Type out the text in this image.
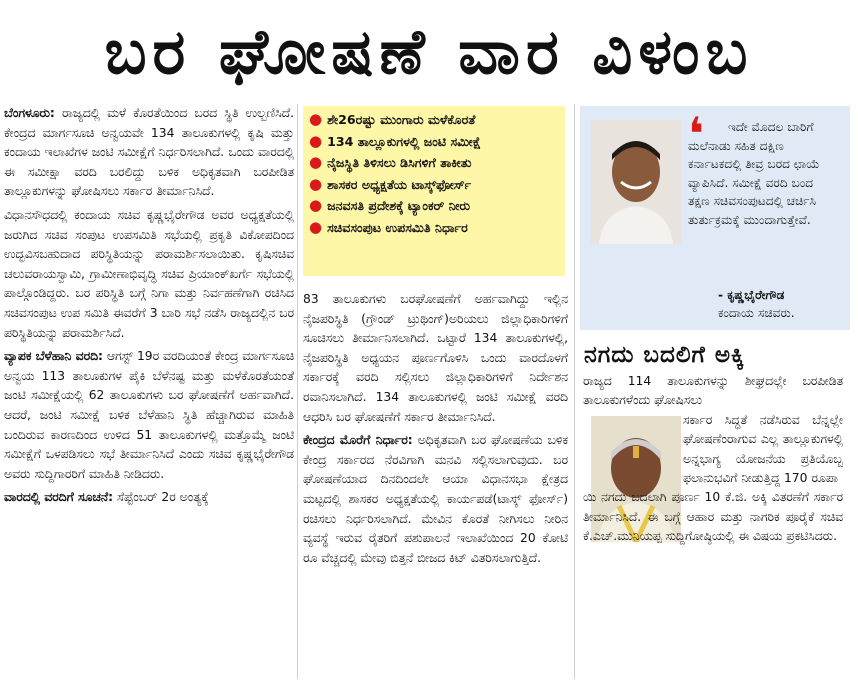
ಬರ ಘೋಷಣೆ ವಾರ ವಿಳಂಬ

ಬೆಂಗಳೂರು: ರಾಜ್ಯದಲ್ಲಿ ಮಳೆ ಕೊರತೆಯಿಂದ ಬರದ ಸ್ಥಿತಿ ಉಲ್ಬಣಿಸಿದೆ. ಕೇಂದ್ರದ ಮಾರ್ಗಸೂಚಿ ಅನ್ವಯವೇ 134 ತಾಲೂಕುಗಳಲ್ಲಿ ಕೃಷಿ ಮತ್ತು ಕಂದಾಯ ಇಲಾಖೆಗಳ ಜಂಟಿ ಸಮೀಕ್ಷೆಗೆ ನಿರ್ಧರಿಸಲಾಗಿದೆ. ಒಂದು ವಾರದಲ್ಲಿ ಈ ಸಮೀಕ್ಷಾ ವರದಿ ಬರಲಿದ್ದು ಬಳಿಕ ಅಧಿಕೃತವಾಗಿ ಬರಪೀಡಿತ ತಾಲ್ಲೂಕುಗಳನ್ನು ಘೋಷಿಸಲು ಸರ್ಕಾರ ತೀರ್ಮಾನಿಸಿದೆ.

ವಿಧಾನಸೌಧದಲ್ಲಿ ಕಂದಾಯ ಸಚಿವ ಕೃಷ್ಣಭೈರೇಗೌಡ ಅವರ ಅಧ್ಯಕ್ಷತೆಯಲ್ಲಿ ಜರುಗಿದ ಸಚಿವ ಸಂಪುಟ ಉಪಸಮಿತಿ ಸಭೆಯಲ್ಲಿ ಪ್ರಕೃತಿ ವಿಕೋಪದಿಂದ ಉದ್ಭವಿಸಬಹುದಾದ ಪರಿಸ್ಥಿತಿಯನ್ನು ಪರಾಮರ್ಶಿಸಲಾಯಿತು. ಕೃಷಿಸಚಿವ ಚಲುವರಾಯಸ್ವಾಮಿ, ಗ್ರಾಮೀಣಾಭಿವೃದ್ಧಿ ಸಚಿವ ಪ್ರಿಯಾಂಕ್‌ಖರ್ಗೆ ಸಭೆಯಲ್ಲಿ ಪಾಲ್ಗೊಂಡಿದ್ದರು. ಬರ ಪರಿಸ್ಥಿತಿ ಬಗ್ಗೆ ನಿಗಾ ಮತ್ತು ನಿರ್ವಹಣೆಗಾಗಿ ರಚಿಸಿದ ಸಚಿವಸಂಪುಟ ಉಪ ಸಮಿತಿ ಈವರೆಗೆ 3 ಬಾರಿ ಸಭೆ ನಡೆಸಿ ರಾಜ್ಯದಲ್ಲಿನ ಬರ ಪರಿಸ್ಥಿತಿಯನ್ನು ಪರಾಮರ್ಶಿಸಿದೆ.

ವ್ಯಾಪಕ ಬೆಳೆಹಾನಿ ವರದಿ: ಆಗಸ್ಟ್ 19ರ ವರದಿಯಂತೆ ಕೇಂದ್ರ ಮಾರ್ಗಸೂಚಿ ಅನ್ವಯ 113 ತಾಲೂಕುಗಳ ಪೈಕಿ ಬೆಳೆನಷ್ಟ ಮತ್ತು ಮಳೆಕೊರತೆಯಂತೆ ಜಂಟಿ ಸಮೀಕ್ಷೆಯಲ್ಲಿ 62 ತಾಲೂಕುಗಳು ಬರ ಘೋಷಣೆಗೆ ಅರ್ಹವಾಗಿದೆ. ಆದರೆ, ಜಂಟಿ ಸಮೀಕ್ಷೆ ಬಳಿಕ ಬೆಳೆಹಾನಿ ಸ್ಥಿತಿ ಹೆಚ್ಚಾಗಿರುವ ಮಾಹಿತಿ ಬಂದಿರುವ ಕಾರಣದಿಂದ ಉಳಿದ 51 ತಾಲೂಕುಗಳಲ್ಲಿ ಮತ್ತೊಮ್ಮೆ ಜಂಟಿ ಸಮೀಕ್ಷೆಗೆ ಒಳಪಡಿಸಲು ಸಭೆ ತೀರ್ಮಾನಿಸಿದೆ ಎಂದು ಸಚಿವ ಕೃಷ್ಣಭೈರೇಗೌಡ ಅವರು ಸುದ್ದಿಗಾರರಿಗೆ ಮಾಹಿತಿ ನೀಡಿದರು.

ವಾರದಲ್ಲಿ ವರದಿಗೆ ಸೂಚನೆ: ಸೆಪ್ಟೆಂಬರ್ 2ರ ಅಂತ್ಯಕ್ಕೆ

● ಶೇ26ರಷ್ಟು ಮುಂಗಾರು ಮಳೆಕೊರತೆ
● 134 ತಾಲ್ಲೂಕುಗಳಲ್ಲಿ ಜಂಟಿ ಸಮೀಕ್ಷೆ
● ನೈಜಸ್ಥಿತಿ ತಿಳಿಸಲು ಡಿಸಿಗಳಿಗೆ ತಾಕೀತು
● ಶಾಸಕರ ಅಧ್ಯಕ್ಷತೆಯ ಟಾಸ್ಕ್‌ಫೋರ್ಸ್
● ಜನವಸತಿ ಪ್ರದೇಶಕ್ಕೆ ಟ್ಯಾಂಕರ್ ನೀರು
● ಸಚಿವಸಂಪುಟ ಉಪಸಮಿತಿ ನಿರ್ಧಾರ

83 ತಾಲೂಕುಗಳು ಬರಘೋಷಣೆಗೆ ಅರ್ಹವಾಗಿದ್ದು ಇಲ್ಲಿನ ನೈಜಪರಿಸ್ಥಿತಿ (ಗ್ರೌಂಡ್ ಟ್ರುಥಿಂಗ್)ಅರಿಯಲು ಜಿಲ್ಲಾಧಿಕಾರಿಗಳಿಗೆ ಸೂಚಿಸಲು ತೀರ್ಮಾನಿಸಲಾಗಿದೆ. ಒಟ್ಟಾರೆ 134 ತಾಲೂಕುಗಳಲ್ಲಿ, ನೈಜಪರಿಸ್ಥಿತಿ ಅಧ್ಯಯನ ಪೂರ್ಣಗೊಳಿಸಿ ಒಂದು ವಾರದೊಳಗೆ ಸರ್ಕಾರಕ್ಕೆ ವರದಿ ಸಲ್ಲಿಸಲು ಜಿಲ್ಲಾಧಿಕಾರಿಗಳಿಗೆ ನಿರ್ದೇಶನ ರವಾನಿಸಲಾಗಿದೆ. 134 ತಾಲೂಕುಗಳಲ್ಲಿ ಜಂಟಿ ಸಮೀಕ್ಷೆ ವರದಿ ಆಧರಿಸಿ ಬರ ಘೋಷಣೆಗೆ ಸರ್ಕಾರ ತೀರ್ಮಾನಿಸಿದೆ.

ಕೇಂದ್ರದ ಮೊರೆಗೆ ನಿರ್ಧಾರ: ಅಧಿಕೃತವಾಗಿ ಬರ ಘೋಷಣೆಯ ಬಳಿಕ ಕೇಂದ್ರ ಸರ್ಕಾರದ ನೆರವಿಗಾಗಿ ಮನವಿ ಸಲ್ಲಿಸಲಾಗುವುದು. ಬರ ಘೋಷಣೆಯಾದ ದಿನದಿಂದಲೇ ಆಯಾ ವಿಧಾನಸಭಾ ಕ್ಷೇತ್ರದ ಮಟ್ಟದಲ್ಲಿ ಶಾಸಕರ ಅಧ್ಯಕ್ಷತೆಯಲ್ಲಿ ಕಾರ್ಯಪಡೆ(ಟಾಸ್ಕ್ ಫೋರ್ಸ್) ರಚಿಸಲು ನಿರ್ಧರಿಸಲಾಗಿದೆ. ಮೇವಿನ ಕೊರತೆ ನೀಗಿಸಲು ನೀರಿನ ವ್ಯವಸ್ಥೆ ಇರುವ ರೈತರಿಗೆ ಪಶುಪಾಲನೆ ಇಲಾಖೆಯಿಂದ 20 ಕೋಟಿ ರೂ ವೆಚ್ಚದಲ್ಲಿ ಮೇವು ಬಿತ್ತನೆ ಬೀಜದ ಕಿಟ್ ವಿತರಿಸಲಾಗುತ್ತಿದೆ.

❛	ಇದೇ ಮೊದಲ ಬಾರಿಗೆ
ಮಲೆನಾಡು ಸಹಿತ ದಕ್ಷಿಣ ಕರ್ನಾಟಕದಲ್ಲಿ ತೀವ್ರ ಬರದ ಛಾಯೆ ವ್ಯಾಪಿಸಿದೆ. ಸಮೀಕ್ಷೆ ವರದಿ ಬಂದ ತಕ್ಷಣ ಸಚಿವಸಂಪುಟದಲ್ಲಿ ಚರ್ಚಿಸಿ ತುರ್ತುಕ್ರಮಕ್ಕೆ ಮುಂದಾಗುತ್ತೇವೆ.
- ಕೃಷ್ಣಭೈರೇಗೌಡ
ಕಂದಾಯ ಸಚಿವರು.
ನಗದು ಬದಲಿಗೆ ಅಕ್ಕಿ
ರಾಜ್ಯದ 114 ತಾಲೂಕುಗಳನ್ನು ಶೀಘ್ರದಲ್ಲೇ ಬರಪೀಡಿತ ತಾಲೂಕುಗಳೆಂದು ಘೋಷಿಸಲು
ಸರ್ಕಾರ ಸಿದ್ಧತೆ ನಡೆಸಿರುವ ಬೆನ್ನಲ್ಲೇ ಘೋಷಣೆಂರಾಗುವ ಎಲ್ಲ ತಾಲ್ಲೂಕುಗಳಲ್ಲಿ ಅನ್ನಭಾಗ್ಯ ಯೋಜನೆಯ ಪ್ರತಿಯೊಬ್ಬ ಫಲಾನುಭವಿಗೆ ನೀಡುತ್ತಿದ್ದ 170 ರೂಪಾ
ಯಿ ನಗದು ಬದಲಾಗಿ ಪೂರ್ಣ 10 ಕೆ.ಜಿ. ಅಕ್ಕಿ ವಿತರಣೆಗೆ ಸರ್ಕಾರ ತೀರ್ಮಾನಿಸಿದೆ. ಈ ಬಗ್ಗೆ ಆಹಾರ ಮತ್ತು ನಾಗರಿಕ ಪೂರೈಕೆ ಸಚಿವ ಕೆ.ಎಚ್.ಮುನಿಯಪ್ಪ ಸುದ್ದಿಗೋಷ್ಠಿಯಲ್ಲಿ ಈ ವಿಷಯ ಪ್ರಕಟಿಸಿದರು.
